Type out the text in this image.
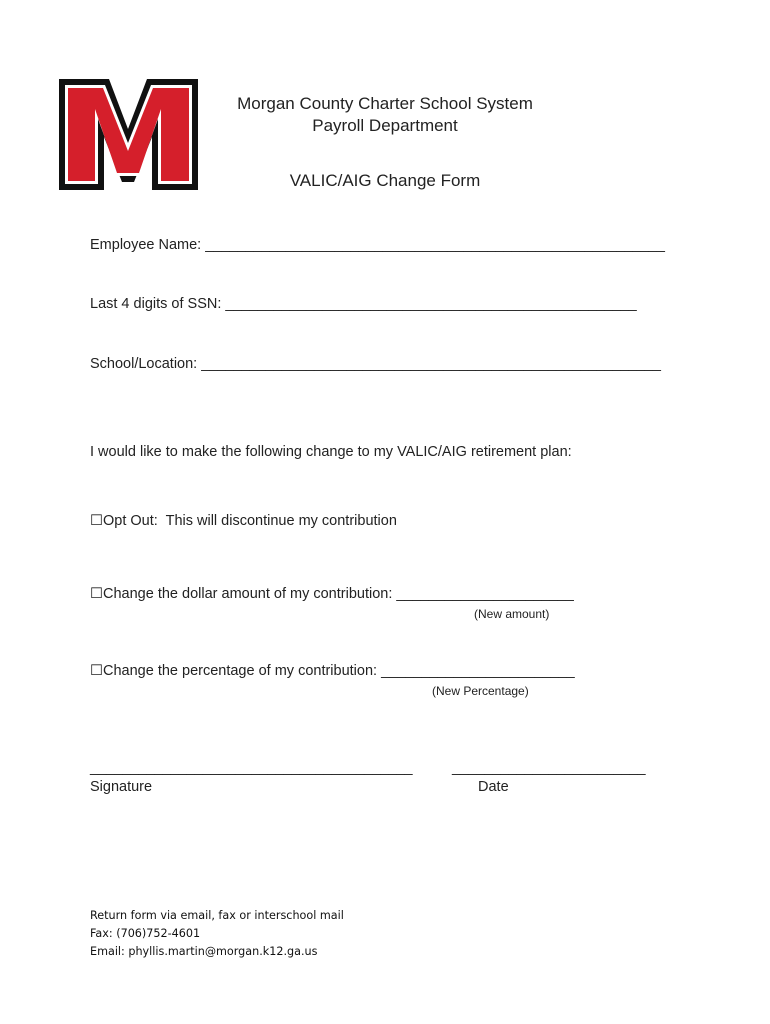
Morgan County Charter School System
Payroll Department
VALIC/AIG Change Form
Employee Name: _________________________________________________________
Last 4 digits of SSN: ___________________________________________________
School/Location: _________________________________________________________
I would like to make the following change to my VALIC/AIG retirement plan:
☐Opt Out:  This will discontinue my contribution
☐Change the dollar amount of my contribution: ______________________
(New amount)
☐Change the percentage of my contribution: ________________________
(New Percentage)
________________________________________	________________________
Signature	Date
Return form via email, fax or interschool mail
Fax: (706)752-4601
Email: phyllis.martin@morgan.k12.ga.us
